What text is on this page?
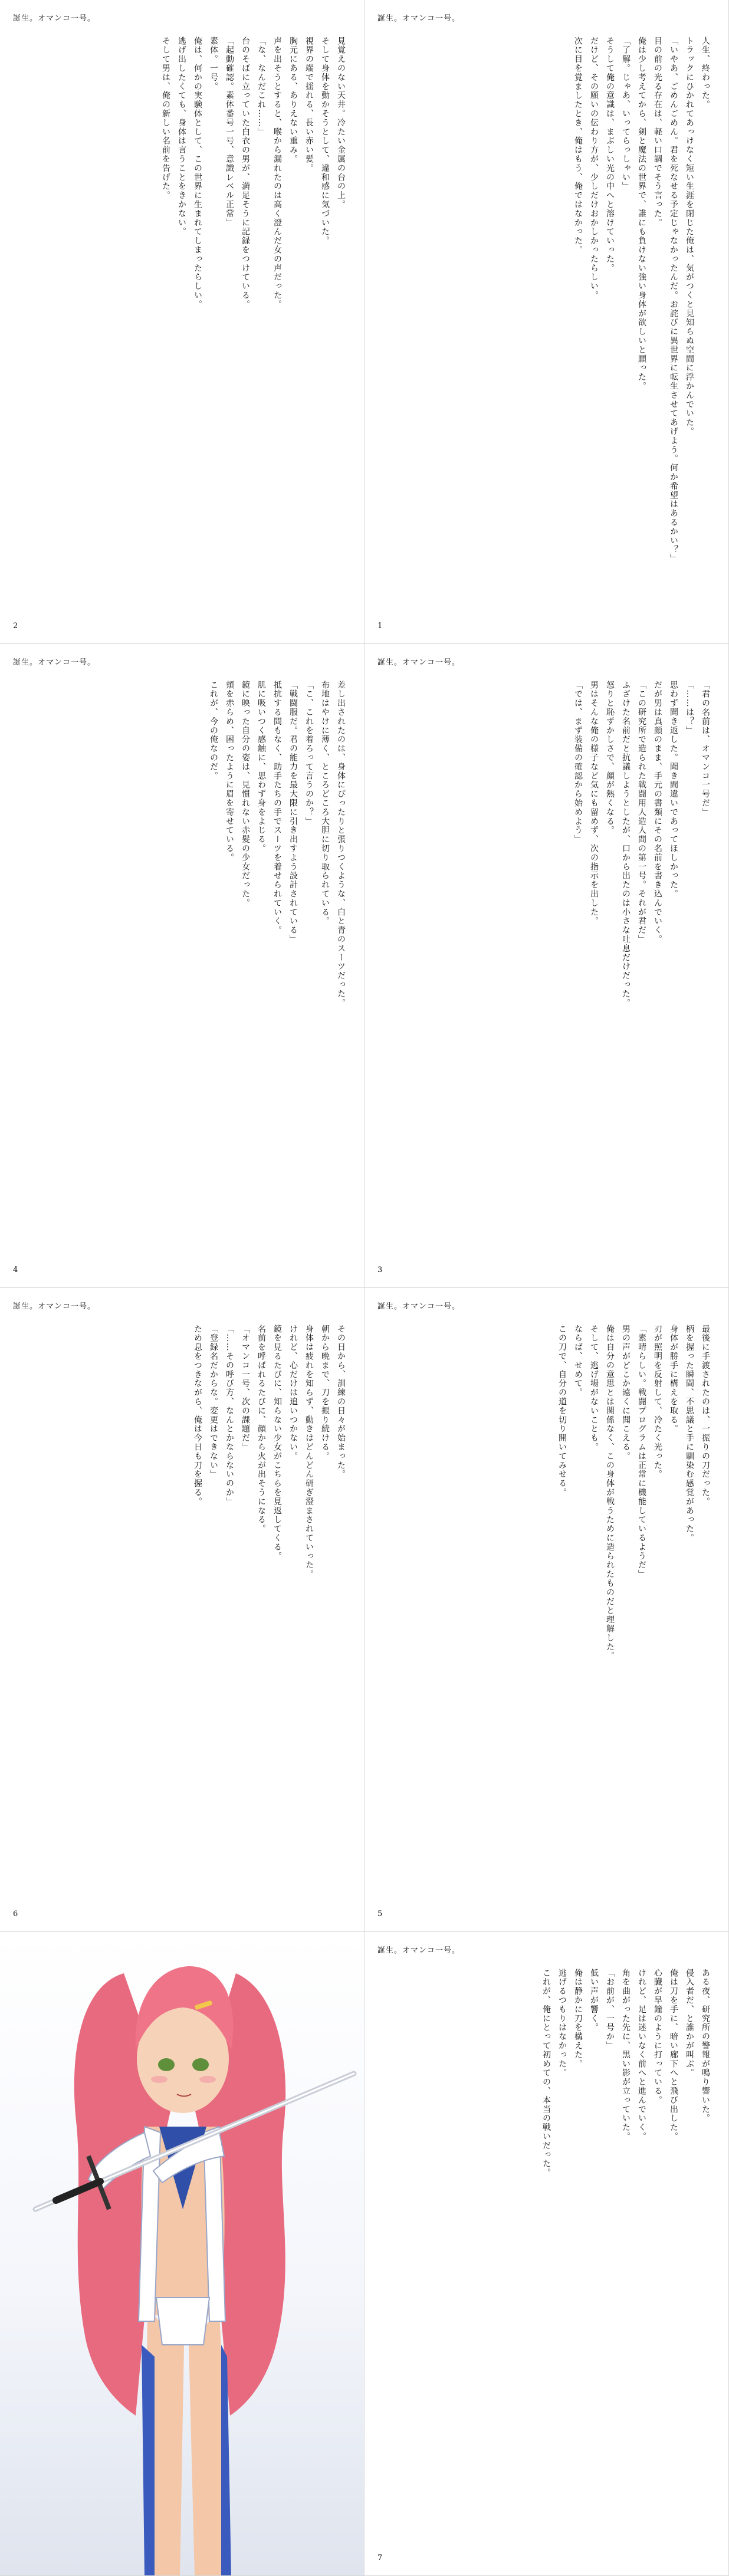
誕生。オマンコ一号。
人生、終わった。
トラックにひかれてあっけなく短い生涯を閉じた俺は、気がつくと見知らぬ空間に浮かんでいた。
「いやあ、ごめんごめん。君を死なせる予定じゃなかったんだ。お詫びに異世界に転生させてあげよう。何か希望はあるかい？」
目の前の光る存在は、軽い口調でそう言った。
俺は少し考えてから、剣と魔法の世界で、誰にも負けない強い身体が欲しいと願った。
「了解。じゃあ、いってらっしゃい」
そうして俺の意識は、まぶしい光の中へと溶けていった。
だけど、その願いの伝わり方が、少しだけおかしかったらしい。
次に目を覚ましたとき、俺はもう、俺ではなかった。
1
誕生。オマンコ一号。
見覚えのない天井。冷たい金属の台の上。
そして身体を動かそうとして、違和感に気づいた。
視界の端で揺れる、長い赤い髪。
胸元にある、ありえない重み。
声を出そうとすると、喉から漏れたのは高く澄んだ女の声だった。
「な、なんだこれ……」
台のそばに立っていた白衣の男が、満足そうに記録をつけている。
「起動確認。素体番号一号、意識レベル正常」
素体。一号。
俺は、何かの実験体として、この世界に生まれてしまったらしい。
逃げ出したくても、身体は言うことをきかない。
そして男は、俺の新しい名前を告げた。
2
誕生。オマンコ一号。
「君の名前は、オマンコ一号だ」
「……は？」
思わず聞き返した。聞き間違いであってほしかった。
だが男は真顔のまま、手元の書類にその名前を書き込んでいく。
「この研究所で造られた戦闘用人造人間の第一号。それが君だ」
ふざけた名前だと抗議しようとしたが、口から出たのは小さな吐息だけだった。
怒りと恥ずかしさで、顔が熱くなる。
男はそんな俺の様子など気にも留めず、次の指示を出した。
「では、まず装備の確認から始めよう」
3
誕生。オマンコ一号。
差し出されたのは、身体にぴったりと張りつくような、白と青のスーツだった。
布地はやけに薄く、ところどころ大胆に切り取られている。
「こ、これを着ろって言うのか？」
「戦闘服だ。君の能力を最大限に引き出すよう設計されている」
抵抗する間もなく、助手たちの手でスーツを着せられていく。
肌に吸いつく感触に、思わず身をよじる。
鏡に映った自分の姿は、見慣れない赤髪の少女だった。
頬を赤らめ、困ったように眉を寄せている。
これが、今の俺なのだ。
4
誕生。オマンコ一号。
最後に手渡されたのは、一振りの刀だった。
柄を握った瞬間、不思議と手に馴染む感覚があった。
身体が勝手に構えを取る。
刃が照明を反射して、冷たく光った。
「素晴らしい。戦闘プログラムは正常に機能しているようだ」
男の声がどこか遠くに聞こえる。
俺は自分の意思とは関係なく、この身体が戦うために造られたものだと理解した。
そして、逃げ場がないことも。
ならば、せめて。
この刀で、自分の道を切り開いてみせる。
5
誕生。オマンコ一号。
その日から、訓練の日々が始まった。
朝から晩まで、刀を振り続ける。
身体は疲れを知らず、動きはどんどん研ぎ澄まされていった。
けれど、心だけは追いつかない。
鏡を見るたびに、知らない少女がこちらを見返してくる。
名前を呼ばれるたびに、顔から火が出そうになる。
「オマンコ一号、次の課題だ」
「……その呼び方、なんとかならないのか」
「登録名だからな。変更はできない」
ため息をつきながら、俺は今日も刀を握る。
6
誕生。オマンコ一号。
ある夜、研究所の警報が鳴り響いた。
侵入者だ、と誰かが叫ぶ。
俺は刀を手に、暗い廊下へと飛び出した。
心臓が早鐘のように打っている。
けれど、足は迷いなく前へと進んでいく。
角を曲がった先に、黒い影が立っていた。
「お前が、一号か」
低い声が響く。
俺は静かに刀を構えた。
逃げるつもりはなかった。
これが、俺にとって初めての、本当の戦いだった。
7
